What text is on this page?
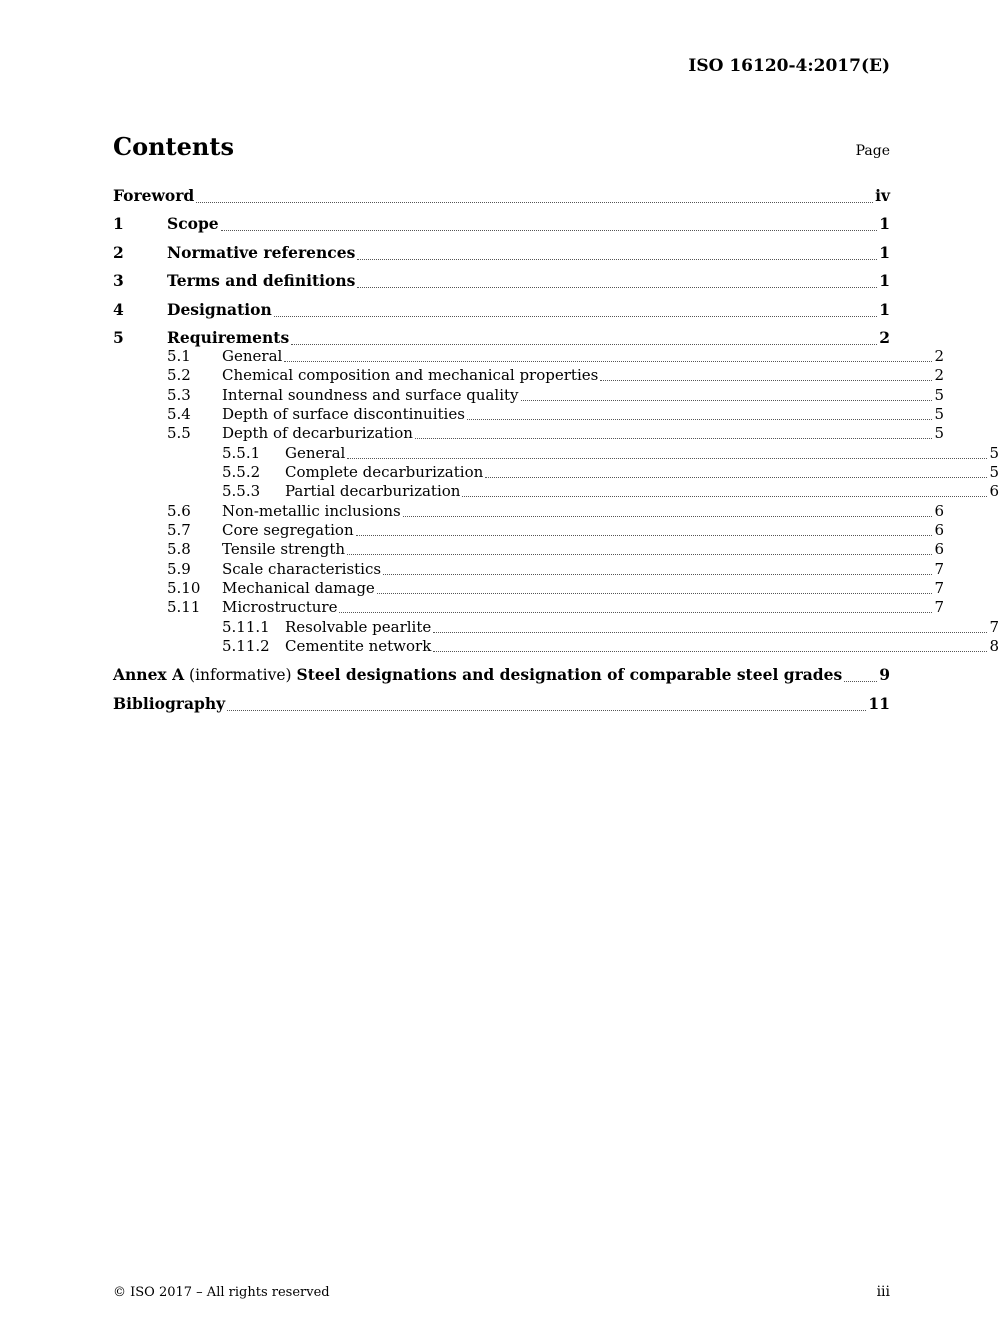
ISO 16120-4:2017(E)
Contents	Page
Foreword	iv
1	Scope	1
2	Normative references	1
3	Terms and definitions	1
4	Designation	1
5	Requirements	2
5.1	General	2
5.2	Chemical composition and mechanical properties	2
5.3	Internal soundness and surface quality	5
5.4	Depth of surface discontinuities	5
5.5	Depth of decarburization	5
5.5.1	General	5
5.5.2	Complete decarburization	5
5.5.3	Partial decarburization	6
5.6	Non-metallic inclusions	6
5.7	Core segregation	6
5.8	Tensile strength	6
5.9	Scale characteristics	7
5.10	Mechanical damage	7
5.11	Microstructure	7
5.11.1	Resolvable pearlite	7
5.11.2	Cementite network	8
Annex A (informative) Steel designations and designation of comparable steel grades 9
Bibliography	11
© ISO 2017 – All rights reserved	iii
